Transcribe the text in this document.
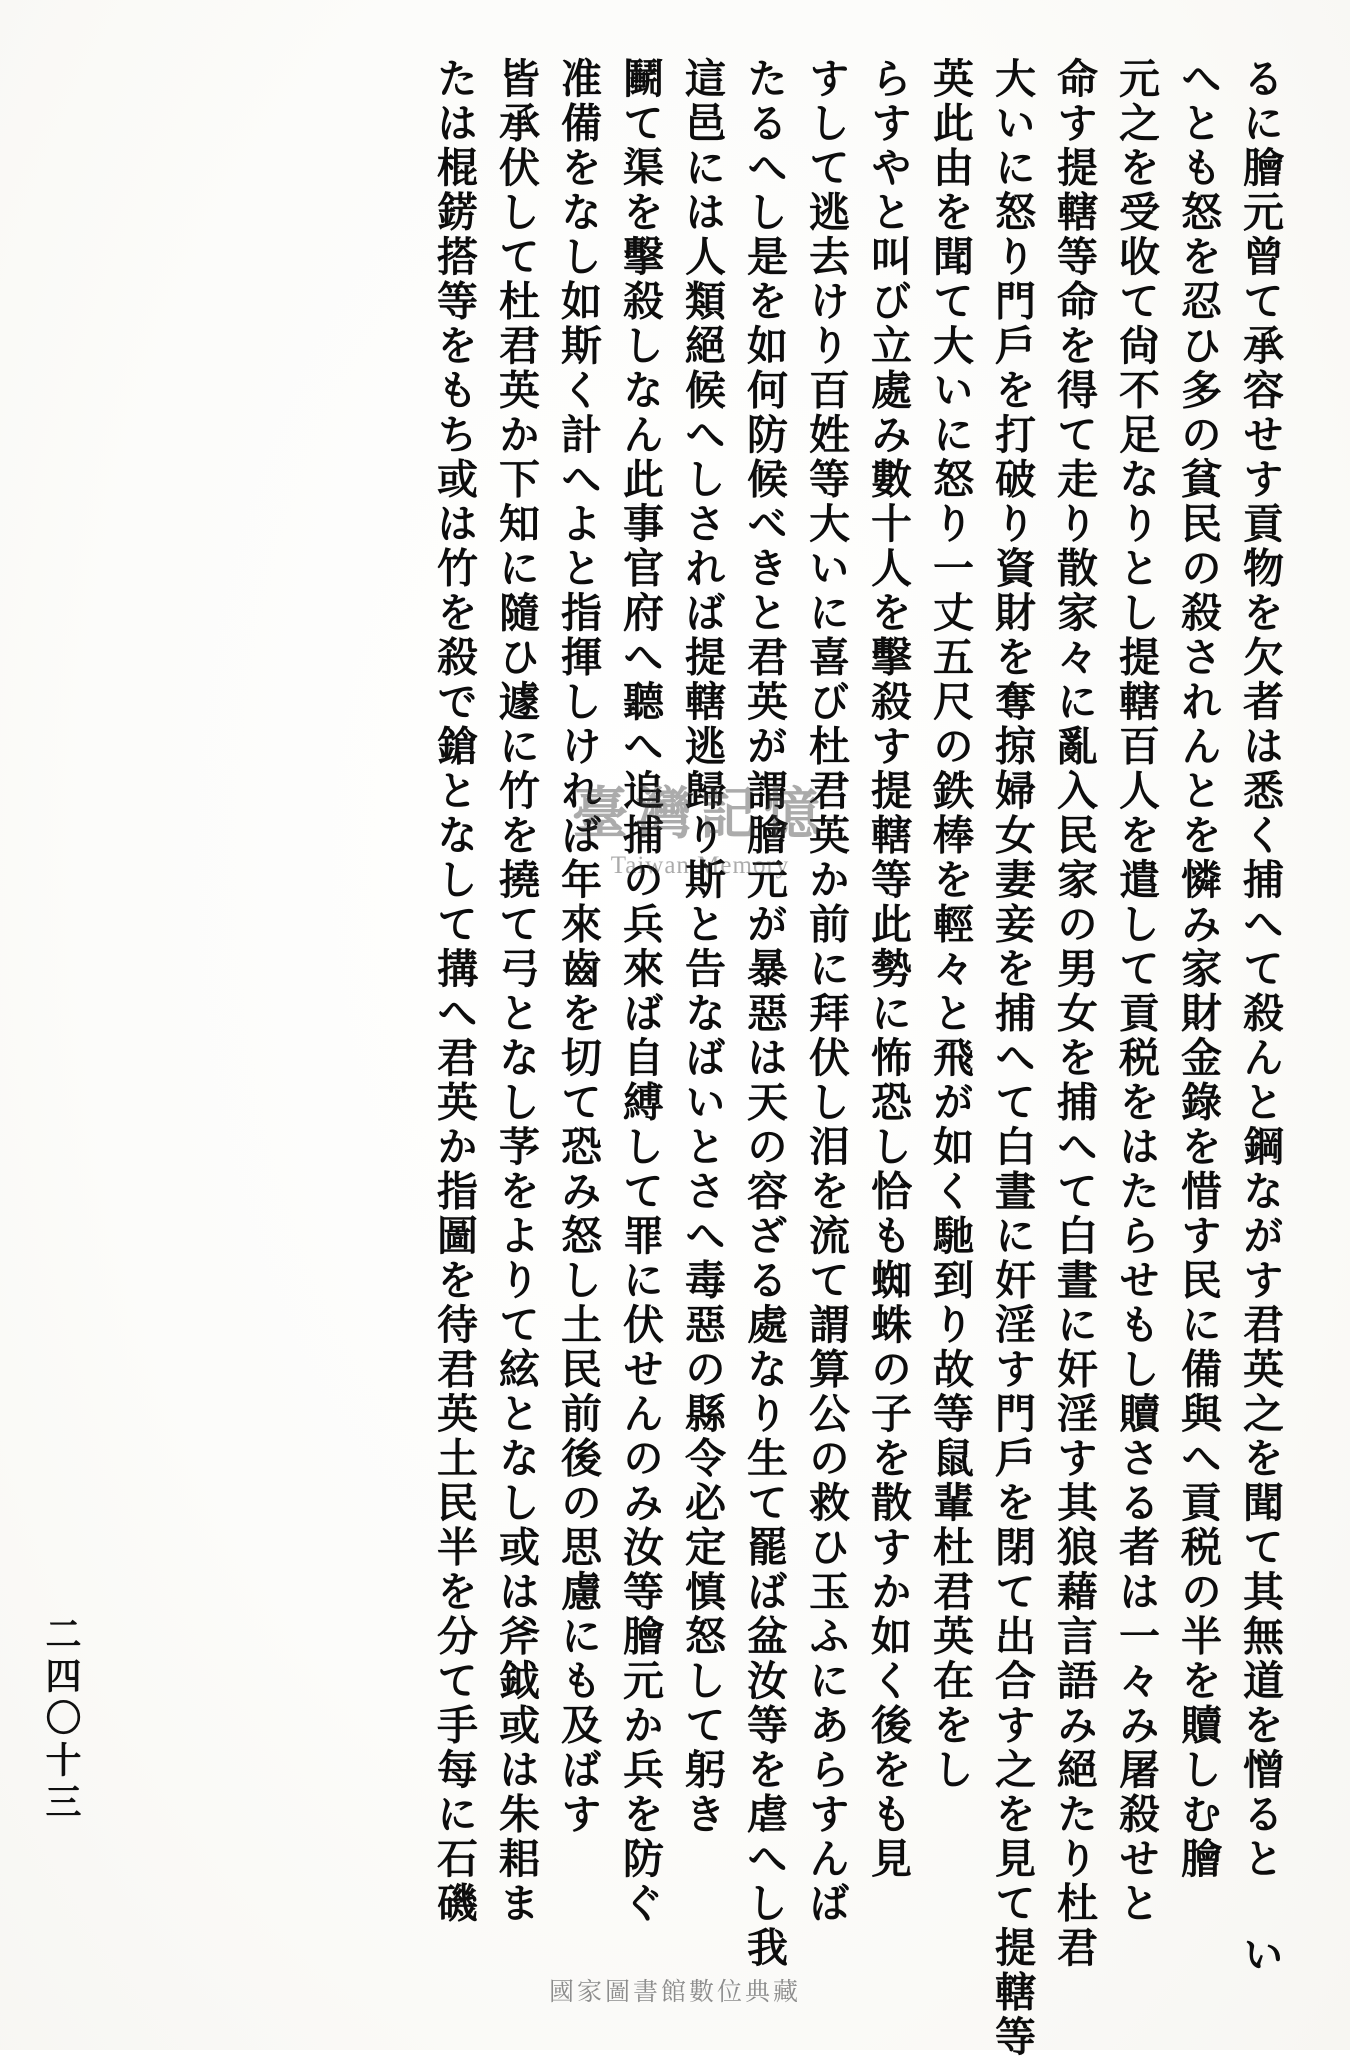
るに膾元曾て承容せす貢物を欠者は悉く捕へて殺んと鋼ながす君英之を聞て其無道を憎ると い
へとも怒を忍ひ多の貧民の殺されんとを憐み家財金錄を惜す民に備與へ貢税の半を贖しむ膾
元之を受收て尙不足なりとし提轄百人を遣して貢税をはたらせもし贖さる者は一々み屠殺せと
命す提轄等命を得て走り散家々に亂入民家の男女を捕へて白晝に奸淫す其狼藉言語み絕たり杜君
大いに怒り門戶を打破り資財を奪掠婦女妻妾を捕へて白晝に奸淫す門戶を閉て出合す之を見て提轄等
英此由を聞て大いに怒り一丈五尺の鉄棒を輕々と飛が如く馳到り故等鼠輩杜君英在をし
らすやと叫び立處み數十人を擊殺す提轄等此勢に怖恐し恰も蜘蛛の子を散すか如く後をも見
すして逃去けり百姓等大いに喜び杜君英か前に拜伏し泪を流て謂算公の救ひ玉ふにあらすんば
たるへし是を如何防候べきと君英が謂膾元が暴惡は天の容ざる處なり生て罷ば盆汝等を虐へし我
這邑には人類絕候へしされば提轄逃歸り斯と告なばいとさへ毒惡の縣令必定慎怒して躬き
鬭て渠を擊殺しなん此事官府へ聽へ追捕の兵來ば自縛して罪に伏せんのみ汝等膾元か兵を防ぐ
准備をなし如斯く計へよと指揮しければ年來齒を切て恐み怒し土民前後の思慮にも及ばす
皆承伏して杜君英か下知に隨ひ遽に竹を撓て弓となし芧をよりて絃となし或は斧鉞或は朱耜ま
たは棍錺搭等をもち或は竹を殺で鎗となして搆へ君英か指圖を待君英土民半を分て手每に石磯
二四〇十三
臺灣記憶
Taiwan Memory
國家圖書館數位典藏
